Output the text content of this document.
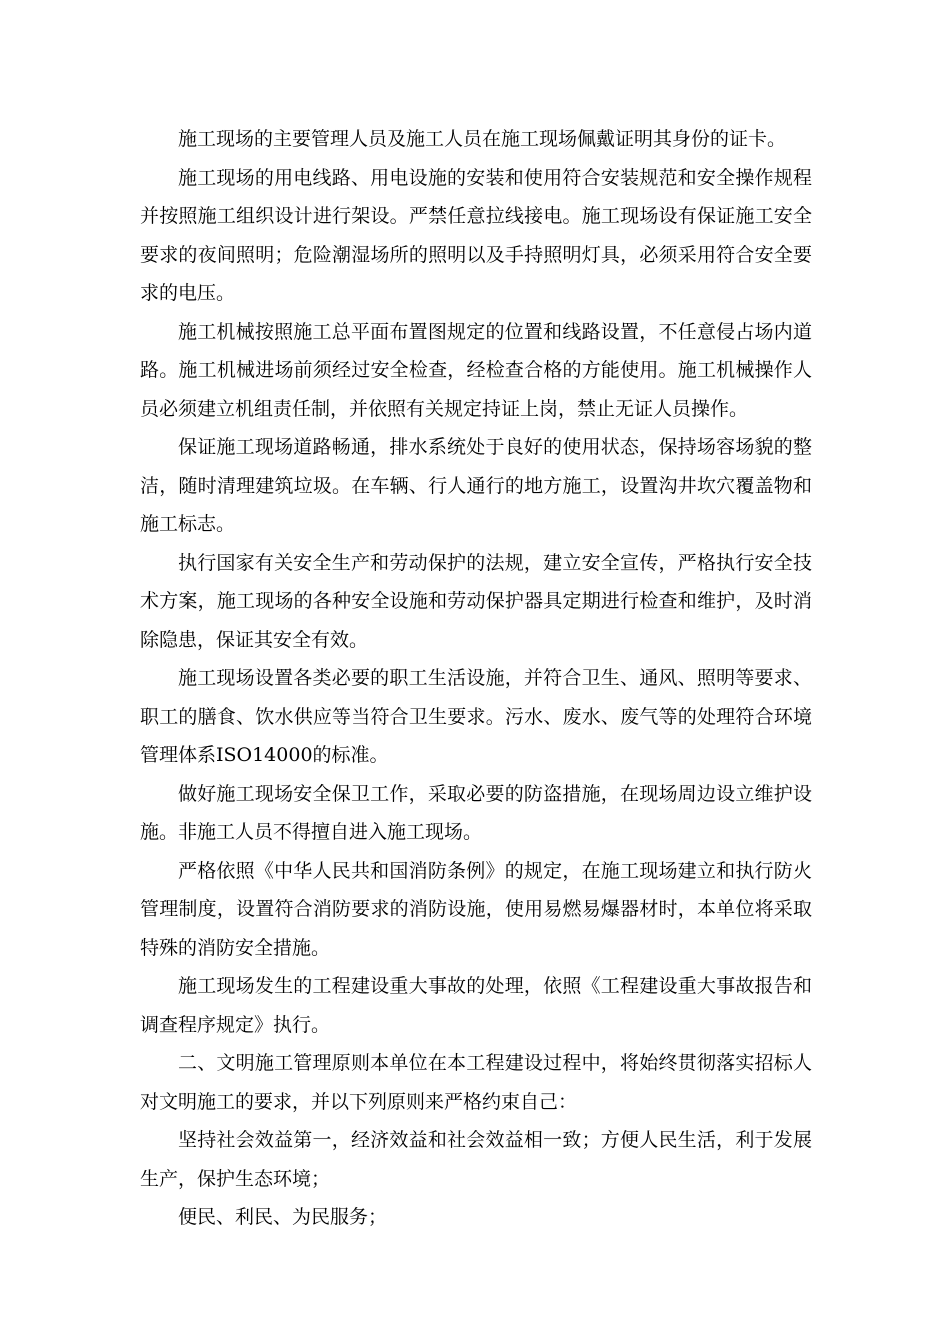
施工现场的主要管理人员及施工人员在施工现场佩戴证明其身份的证卡。

施工现场的用电线路、用电设施的安装和使用符合安装规范和安全操作规程并按照施工组织设计进行架设。严禁任意拉线接电。施工现场设有保证施工安全要求的夜间照明；危险潮湿场所的照明以及手持照明灯具，必须采用符合安全要求的电压。

施工机械按照施工总平面布置图规定的位置和线路设置，不任意侵占场内道路。施工机械进场前须经过安全检查，经检查合格的方能使用。施工机械操作人员必须建立机组责任制，并依照有关规定持证上岗，禁止无证人员操作。

保证施工现场道路畅通，排水系统处于良好的使用状态，保持场容场貌的整洁，随时清理建筑垃圾。在车辆、行人通行的地方施工，设置沟井坎穴覆盖物和施工标志。

执行国家有关安全生产和劳动保护的法规，建立安全宣传，严格执行安全技术方案，施工现场的各种安全设施和劳动保护器具定期进行检查和维护，及时消除隐患，保证其安全有效。

施工现场设置各类必要的职工生活设施，并符合卫生、通风、照明等要求、职工的膳食、饮水供应等当符合卫生要求。污水、废水、废气等的处理符合环境管理体系ISO14000的标准。

做好施工现场安全保卫工作，采取必要的防盗措施，在现场周边设立维护设施。非施工人员不得擅自进入施工现场。

严格依照《中华人民共和国消防条例》的规定，在施工现场建立和执行防火管理制度，设置符合消防要求的消防设施，使用易燃易爆器材时，本单位将采取特殊的消防安全措施。

施工现场发生的工程建设重大事故的处理，依照《工程建设重大事故报告和调查程序规定》执行。

二、文明施工管理原则本单位在本工程建设过程中，将始终贯彻落实招标人对文明施工的要求，并以下列原则来严格约束自己：

坚持社会效益第一，经济效益和社会效益相一致；方便人民生活，利于发展生产，保护生态环境；

便民、利民、为民服务；
